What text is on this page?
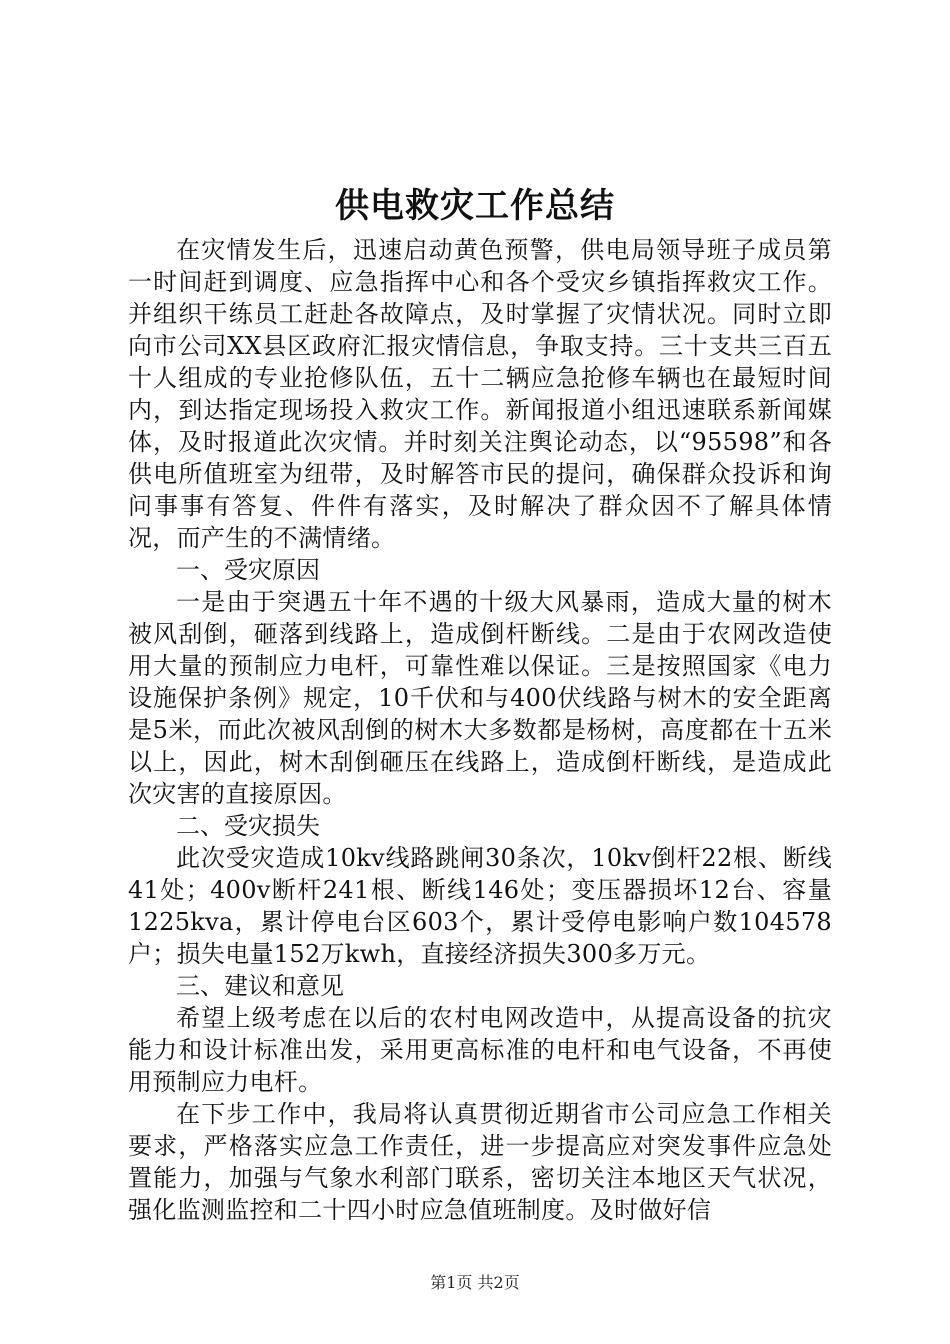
供电救灾工作总结

在灾情发生后，迅速启动黄色预警，供电局领导班子成员第一时间赶到调度、应急指挥中心和各个受灾乡镇指挥救灾工作。并组织干练员工赶赴各故障点，及时掌握了灾情状况。同时立即向市公司XX县区政府汇报灾情信息，争取支持。三十支共三百五十人组成的专业抢修队伍，五十二辆应急抢修车辆也在最短时间内，到达指定现场投入救灾工作。新闻报道小组迅速联系新闻媒体，及时报道此次灾情。并时刻关注舆论动态，以“95598”和各供电所值班室为纽带，及时解答市民的提问，确保群众投诉和询问事事有答复、件件有落实，及时解决了群众因不了解具体情况，而产生的不满情绪。

一、受灾原因

一是由于突遇五十年不遇的十级大风暴雨，造成大量的树木被风刮倒，砸落到线路上，造成倒杆断线。二是由于农网改造使用大量的预制应力电杆，可靠性难以保证。三是按照国家《电力设施保护条例》规定，10千伏和与400伏线路与树木的安全距离是5米，而此次被风刮倒的树木大多数都是杨树，高度都在十五米以上，因此，树木刮倒砸压在线路上，造成倒杆断线，是造成此次灾害的直接原因。

二、受灾损失

此次受灾造成10kv线路跳闸30条次，10kv倒杆22根、断线41处；400v断杆241根、断线146处；变压器损坏12台、容量1225kva，累计停电台区603个，累计受停电影响户数104578户；损失电量152万kwh，直接经济损失300多万元。

三、建议和意见

希望上级考虑在以后的农村电网改造中，从提高设备的抗灾能力和设计标准出发，采用更高标准的电杆和电气设备，不再使用预制应力电杆。

在下步工作中，我局将认真贯彻近期省市公司应急工作相关要求，严格落实应急工作责任，进一步提高应对突发事件应急处置能力，加强与气象水利部门联系，密切关注本地区天气状况，强化监测监控和二十四小时应急值班制度。及时做好信

第1页 共2页
